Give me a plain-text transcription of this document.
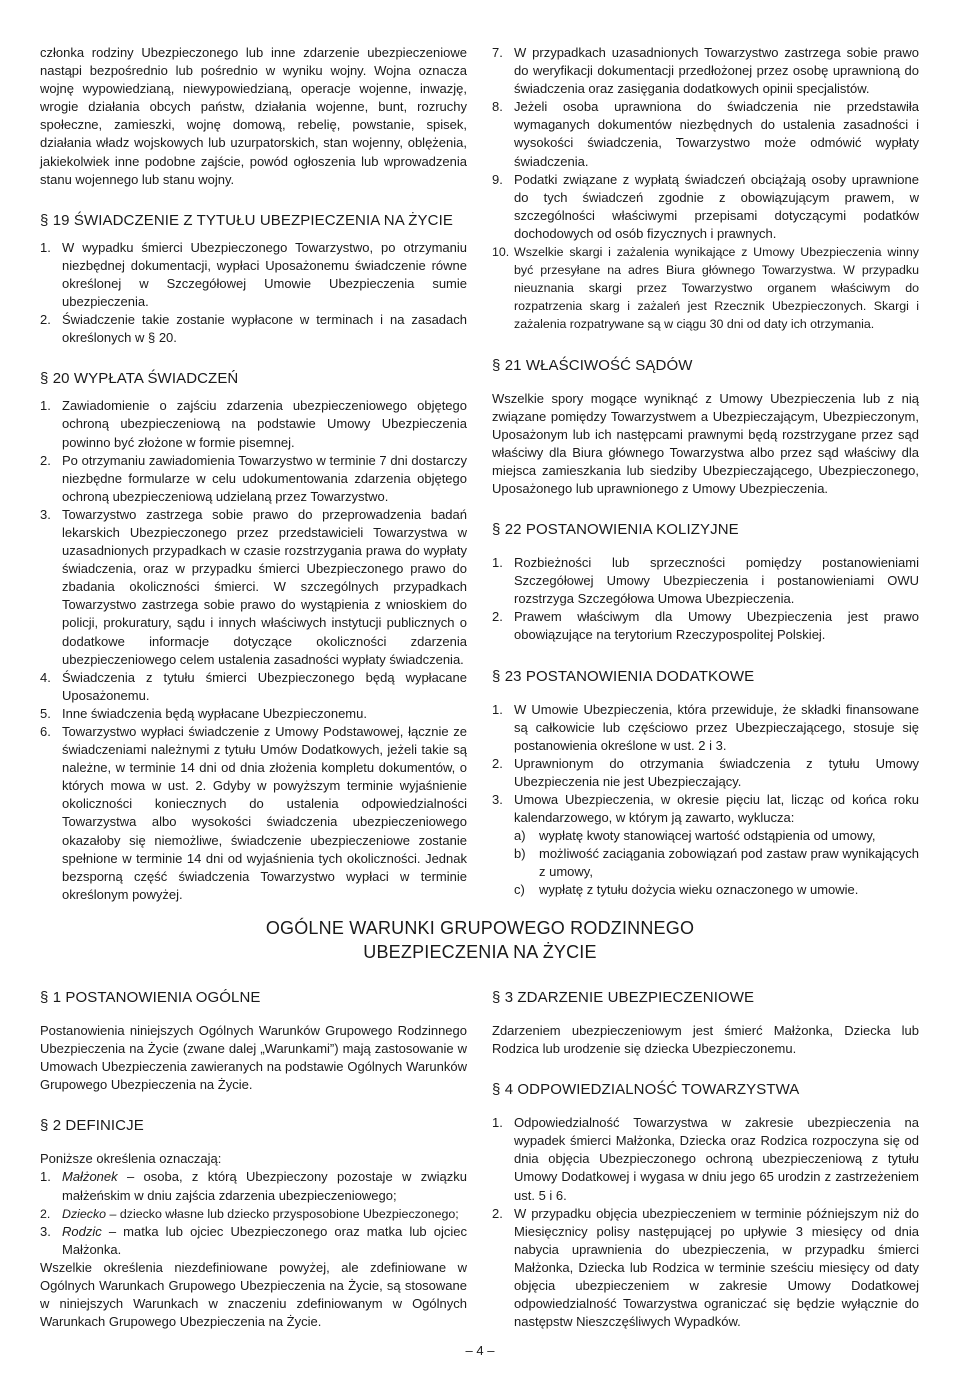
członka rodziny Ubezpieczonego lub inne zdarzenie ubezpieczeniowe nastąpi bezpośrednio lub pośrednio w wyniku wojny. Wojna oznacza wojnę wypowiedzianą, niewypowiedzianą, operacje wojenne, inwazję, wrogie działania obcych państw, działania wojenne, bunt, rozruchy społeczne, zamieszki, wojnę domową, rebelię, powstanie, spisek, działania władz wojskowych lub uzurpatorskich, stan wojenny, oblężenia, jakiekolwiek inne podobne zajście, powód ogłoszenia lub wprowadzenia stanu wojennego lub stanu wojny.

§ 19 ŚWIADCZENIE Z TYTUŁU UBEZPIECZENIA NA ŻYCIE
1. W wypadku śmierci Ubezpieczonego Towarzystwo, po otrzymaniu niezbędnej dokumentacji, wypłaci Uposażonemu świadczenie równe określonej w Szczegółowej Umowie Ubezpieczenia sumie ubezpieczenia.
2. Świadczenie takie zostanie wypłacone w terminach i na zasadach określonych w § 20.
§ 20 WYPŁATA ŚWIADCZEŃ
1. Zawiadomienie o zajściu zdarzenia ubezpieczeniowego objętego ochroną ubezpieczeniową na podstawie Umowy Ubezpieczenia powinno być złożone w formie pisemnej.
2. Po otrzymaniu zawiadomienia Towarzystwo w terminie 7 dni dostarczy niezbędne formularze w celu udokumentowania zdarzenia objętego ochroną ubezpieczeniową udzielaną przez Towarzystwo.
3. Towarzystwo zastrzega sobie prawo do przeprowadzenia badań lekarskich Ubezpieczonego przez przedstawicieli Towarzystwa w uzasadnionych przypadkach w czasie rozstrzygania prawa do wypłaty świadczenia, oraz w przypadku śmierci Ubezpieczonego prawo do zbadania okoliczności śmierci. W szczególnych przypadkach Towarzystwo zastrzega sobie prawo do wystąpienia z wnioskiem do policji, prokuratury, sądu i innych właściwych instytucji publicznych o dodatkowe informacje dotyczące okoliczności zdarzenia ubezpieczeniowego celem ustalenia zasadności wypłaty świadczenia.
4. Świadczenia z tytułu śmierci Ubezpieczonego będą wypłacane Uposażonemu.
5. Inne świadczenia będą wypłacane Ubezpieczonemu.
6. Towarzystwo wypłaci świadczenie z Umowy Podstawowej, łącznie ze świadczeniami należnymi z tytułu Umów Dodatkowych, jeżeli takie są należne, w terminie 14 dni od dnia złożenia kompletu dokumentów, o których mowa w ust. 2. Gdyby w powyższym terminie wyjaśnienie okoliczności koniecznych do ustalenia odpowiedzialności Towarzystwa albo wysokości świadczenia ubezpieczeniowego okazałoby się niemożliwe, świadczenie ubezpieczeniowe zostanie spełnione w terminie 14 dni od wyjaśnienia tych okoliczności. Jednak bezsporną część świadczenia Towarzystwo wypłaci w terminie określonym powyżej.
7. W przypadkach uzasadnionych Towarzystwo zastrzega sobie prawo do weryfikacji dokumentacji przedłożonej przez osobę uprawnioną do świadczenia oraz zasięgania dodatkowych opinii specjalistów.
8. Jeżeli osoba uprawniona do świadczenia nie przedstawiła wymaganych dokumentów niezbędnych do ustalenia zasadności i wysokości świadczenia, Towarzystwo może odmówić wypłaty świadczenia.
9. Podatki związane z wypłatą świadczeń obciążają osoby uprawnione do tych świadczeń zgodnie z obowiązującym prawem, w szczególności właściwymi przepisami dotyczącymi podatków dochodowych od osób fizycznych i prawnych.
10. Wszelkie skargi i zażalenia wynikające z Umowy Ubezpieczenia winny być przesyłane na adres Biura głównego Towarzystwa. W przypadku nieuznania skargi przez Towarzystwo organem właściwym do rozpatrzenia skarg i zażaleń jest Rzecznik Ubezpieczonych. Skargi i zażalenia rozpatrywane są w ciągu 30 dni od daty ich otrzymania.
§ 21 WŁAŚCIWOŚĆ SĄDÓW

Wszelkie spory mogące wyniknąć z Umowy Ubezpieczenia lub z nią związane pomiędzy Towarzystwem a Ubezpieczającym, Ubezpieczonym, Uposażonym lub ich następcami prawnymi będą rozstrzygane przez sąd właściwy dla Biura głównego Towarzystwa albo przez sąd właściwy dla miejsca zamieszkania lub siedziby Ubezpieczającego, Ubezpieczonego, Uposażonego lub uprawnionego z Umowy Ubezpieczenia.

§ 22 POSTANOWIENIA KOLIZYJNE
1. Rozbieżności lub sprzeczności pomiędzy postanowieniami Szczegółowej Umowy Ubezpieczenia i postanowieniami OWU rozstrzyga Szczegółowa Umowa Ubezpieczenia.
2. Prawem właściwym dla Umowy Ubezpieczenia jest prawo obowiązujące na terytorium Rzeczypospolitej Polskiej.
§ 23 POSTANOWIENIA DODATKOWE
1. W Umowie Ubezpieczenia, która przewiduje, że składki finansowane są całkowicie lub częściowo przez Ubezpieczającego, stosuje się postanowienia określone w ust. 2 i 3.
2. Uprawnionym do otrzymania świadczenia z tytułu Umowy Ubezpieczenia nie jest Ubezpieczający.
3. Umowa Ubezpieczenia, w okresie pięciu lat, licząc od końca roku kalendarzowego, w którym ją zawarto, wyklucza:
a)	wypłatę kwoty stanowiącej wartość odstąpienia od umowy,
b)	możliwość zaciągania zobowiązań pod zastaw praw wynikających z umowy,
c)	wypłatę z tytułu dożycia wieku oznaczonego w umowie.
OGÓLNE WARUNKI GRUPOWEGO RODZINNEGO
UBEZPIECZENIA NA ŻYCIE
§ 1 POSTANOWIENIA OGÓLNE

Postanowienia niniejszych Ogólnych Warunków Grupowego Rodzinnego Ubezpieczenia na Życie (zwane dalej „Warunkami”) mają zastosowanie w Umowach Ubezpieczenia zawieranych na podstawie Ogólnych Warunków Grupowego Ubezpieczenia na Życie.

§ 2 DEFINICJE

Poniższe określenia oznaczają:

1. Małżonek – osoba, z którą Ubezpieczony pozostaje w związku małżeńskim w dniu zajścia zdarzenia ubezpieczeniowego;
2. Dziecko – dziecko własne lub dziecko przysposobione Ubezpieczonego;
3. Rodzic – matka lub ojciec Ubezpieczonego oraz matka lub ojciec Małżonka.

Wszelkie określenia niezdefiniowane powyżej, ale zdefiniowane w Ogólnych Warunkach Grupowego Ubezpieczenia na Życie, są stosowane w niniejszych Warunkach w znaczeniu zdefiniowanym w Ogólnych Warunkach Grupowego Ubezpieczenia na Życie.

§ 3 ZDARZENIE UBEZPIECZENIOWE

Zdarzeniem ubezpieczeniowym jest śmierć Małżonka, Dziecka lub Rodzica lub urodzenie się dziecka Ubezpieczonemu.

§ 4 ODPOWIEDZIALNOŚĆ TOWARZYSTWA
1. Odpowiedzialność Towarzystwa w zakresie ubezpieczenia na wypadek śmierci Małżonka, Dziecka oraz Rodzica rozpoczyna się od dnia objęcia Ubezpieczonego ochroną ubezpieczeniową z tytułu Umowy Dodatkowej i wygasa w dniu jego 65 urodzin z zastrzeżeniem ust. 5 i 6.
2. W przypadku objęcia ubezpieczeniem w terminie późniejszym niż do Miesięcznicy polisy następującej po upływie 3 miesięcy od dnia nabycia uprawnienia do ubezpieczenia, w przypadku śmierci Małżonka, Dziecka lub Rodzica w terminie sześciu miesięcy od daty objęcia ubezpieczeniem w zakresie Umowy Dodatkowej odpowiedzialność Towarzystwa ograniczać się będzie wyłącznie do następstw Nieszczęśliwych Wypadków.
– 4 –
